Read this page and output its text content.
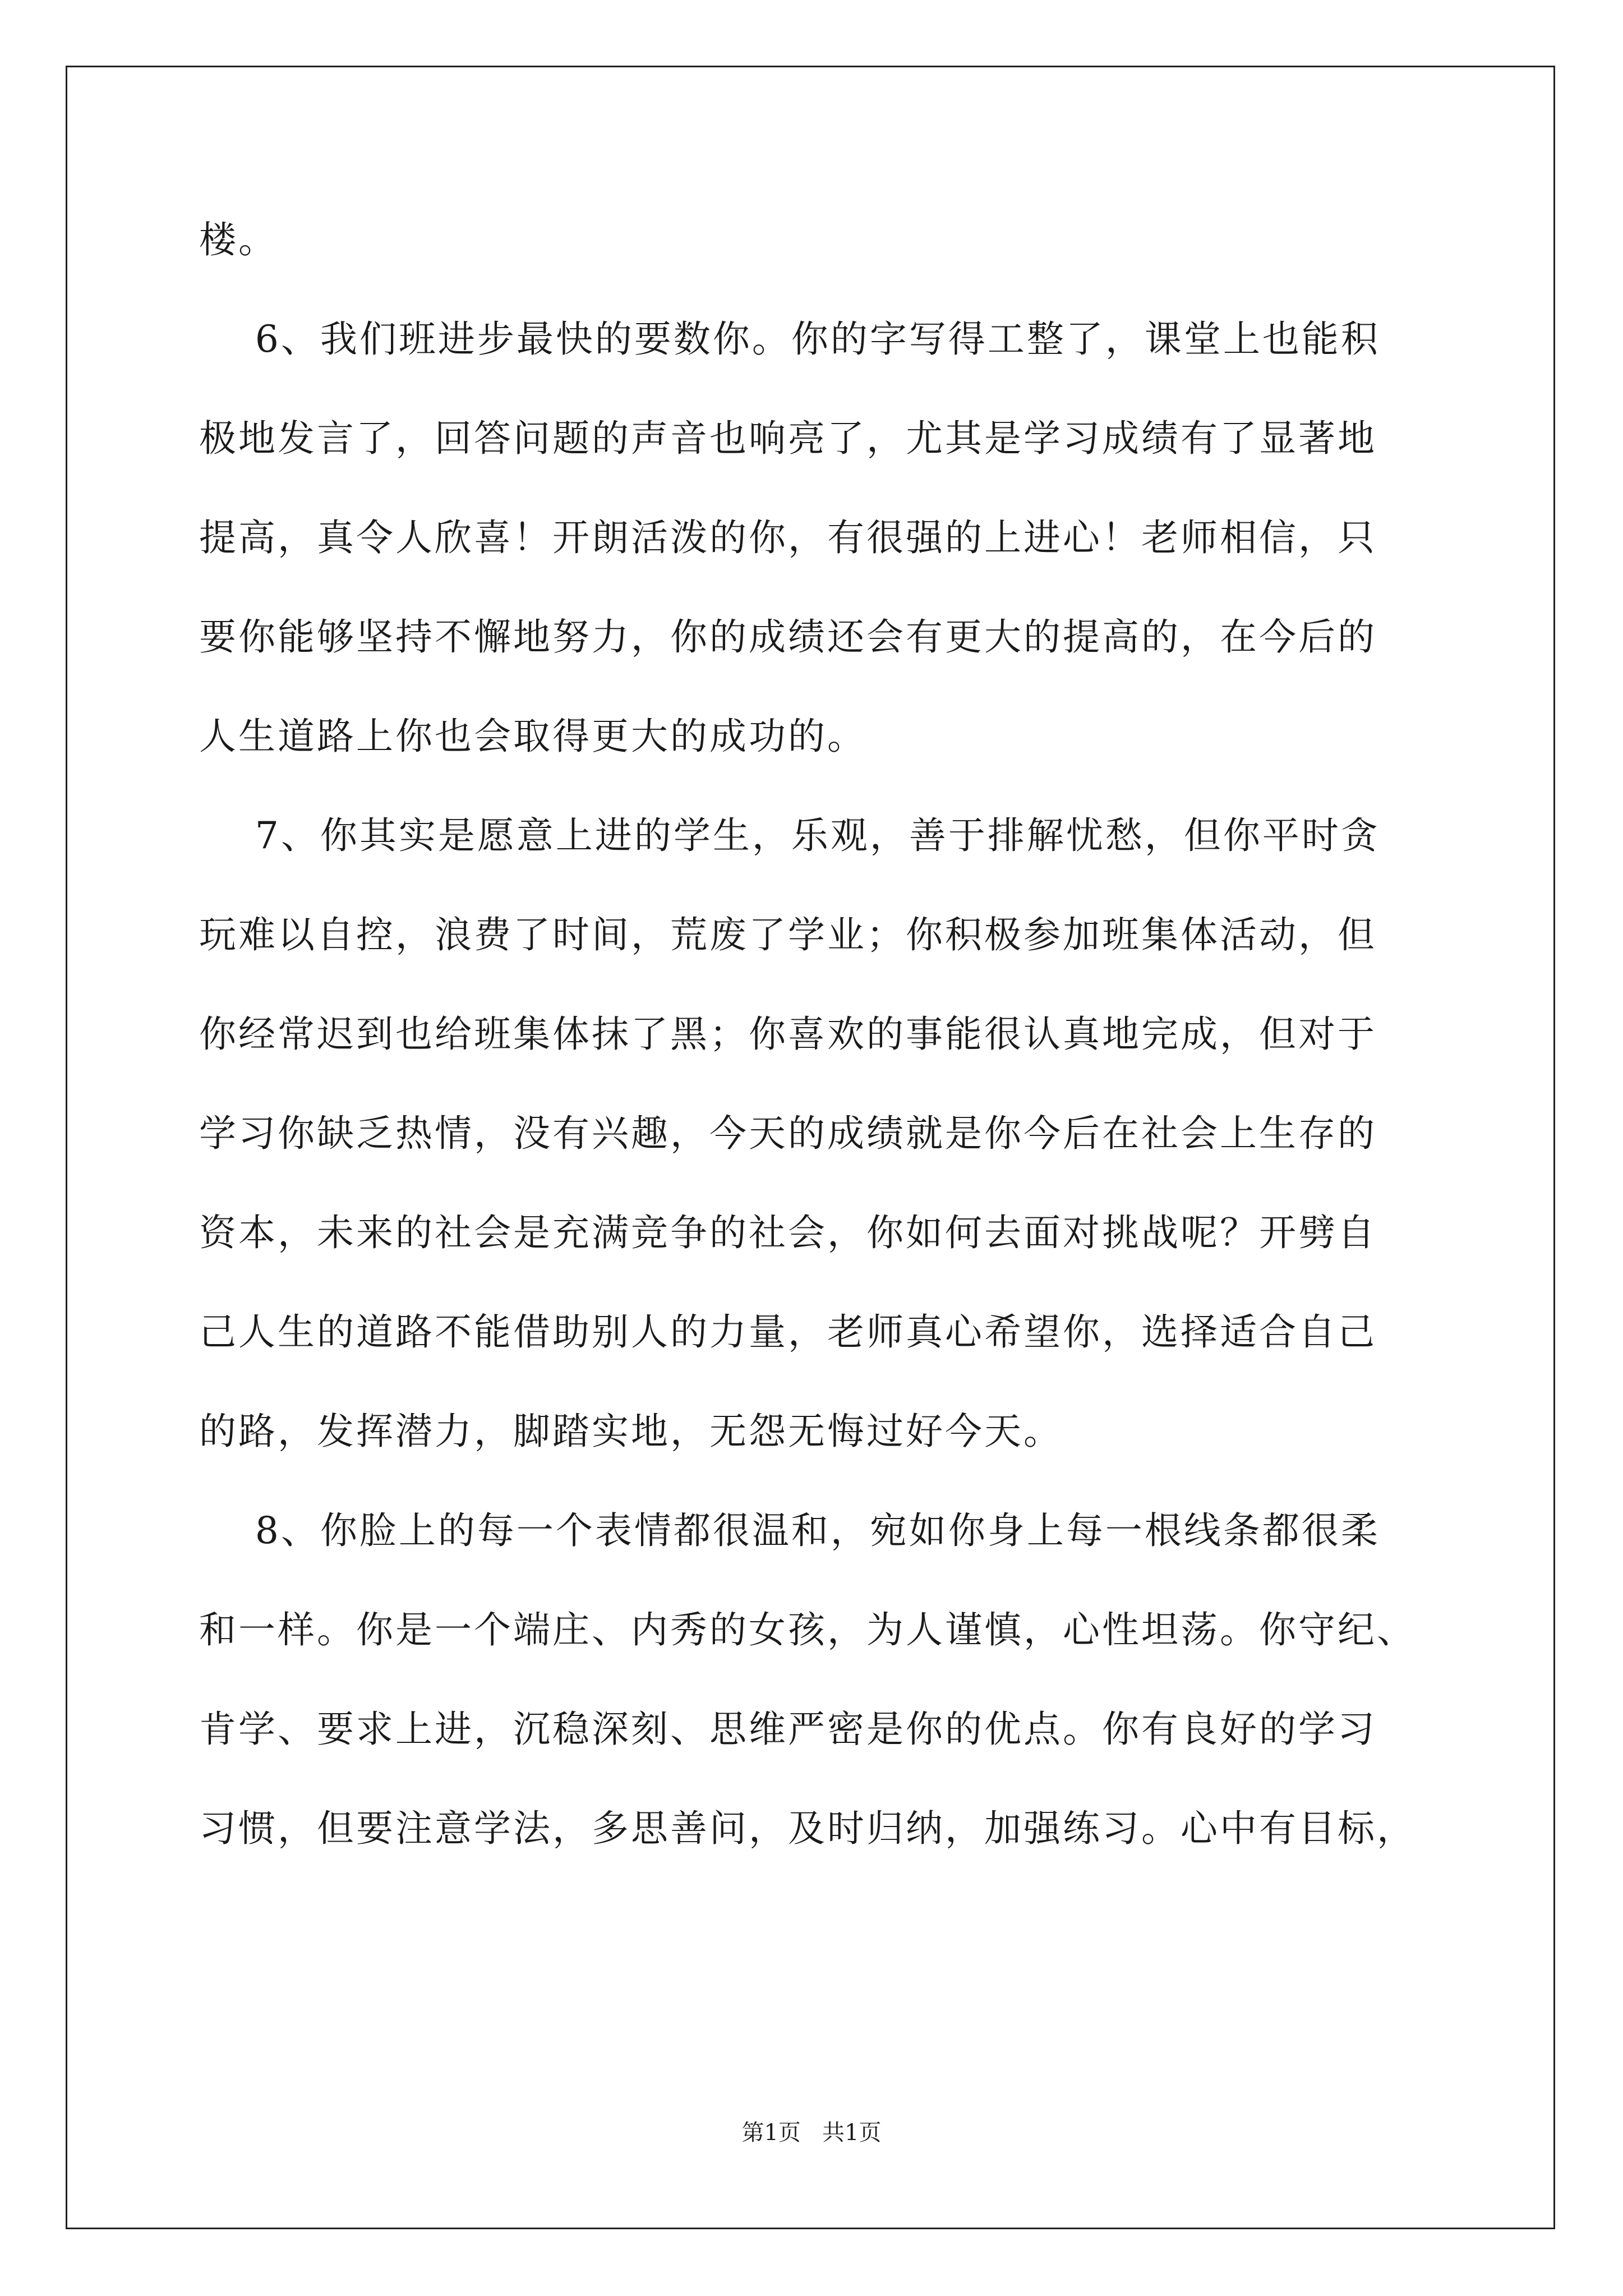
楼。
6、我们班进步最快的要数你。你的字写得工整了，课堂上也能积
极地发言了，回答问题的声音也响亮了，尤其是学习成绩有了显著地
提高，真令人欣喜！开朗活泼的你，有很强的上进心！老师相信，只
要你能够坚持不懈地努力，你的成绩还会有更大的提高的，在今后的
人生道路上你也会取得更大的成功的。
7、你其实是愿意上进的学生，乐观，善于排解忧愁，但你平时贪
玩难以自控，浪费了时间，荒废了学业；你积极参加班集体活动，但
你经常迟到也给班集体抹了黑；你喜欢的事能很认真地完成，但对于
学习你缺乏热情，没有兴趣，今天的成绩就是你今后在社会上生存的
资本，未来的社会是充满竞争的社会，你如何去面对挑战呢？开劈自
己人生的道路不能借助别人的力量，老师真心希望你，选择适合自己
的路，发挥潜力，脚踏实地，无怨无悔过好今天。
8、你脸上的每一个表情都很温和，宛如你身上每一根线条都很柔
和一样。你是一个端庄、内秀的女孩，为人谨慎，心性坦荡。你守纪、
肯学、要求上进，沉稳深刻、思维严密是你的优点。你有良好的学习
习惯，但要注意学法，多思善问，及时归纳，加强练习。心中有目标，
第1页   共1页
